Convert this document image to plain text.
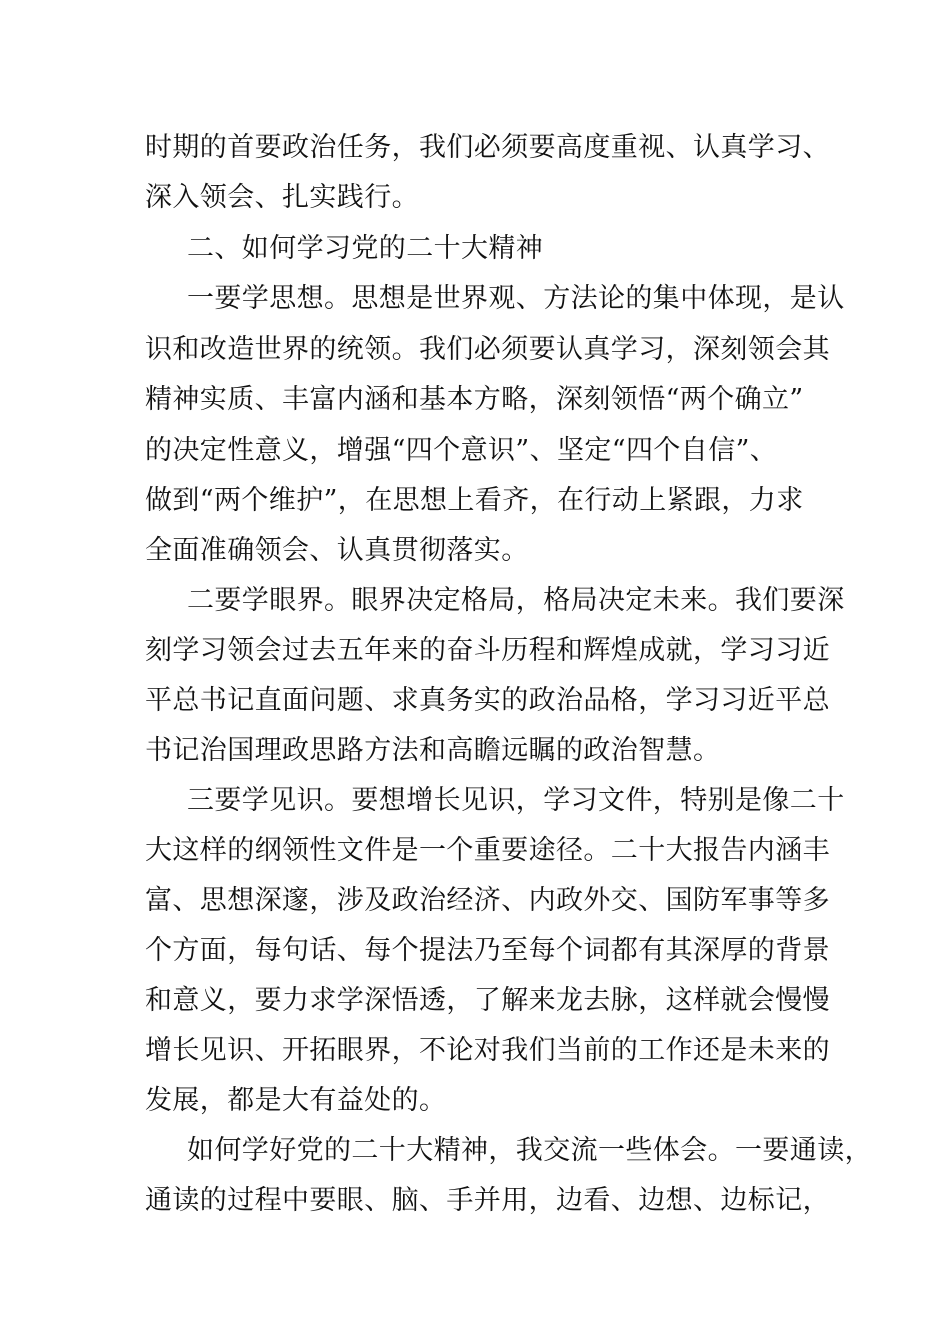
时期的首要政治任务，我们必须要高度重视、认真学习、
深入领会、扎实践行。
二、如何学习党的二十大精神
一要学思想。思想是世界观、方法论的集中体现，是认
识和改造世界的统领。我们必须要认真学习，深刻领会其
精神实质、丰富内涵和基本方略，深刻领悟“两个确立”
的决定性意义，增强“四个意识”、坚定“四个自信”、
做到“两个维护”，在思想上看齐，在行动上紧跟，力求
全面准确领会、认真贯彻落实。
二要学眼界。眼界决定格局，格局决定未来。我们要深
刻学习领会过去五年来的奋斗历程和辉煌成就，学习习近
平总书记直面问题、求真务实的政治品格，学习习近平总
书记治国理政思路方法和高瞻远瞩的政治智慧。
三要学见识。要想增长见识，学习文件，特别是像二十
大这样的纲领性文件是一个重要途径。二十大报告内涵丰
富、思想深邃，涉及政治经济、内政外交、国防军事等多
个方面，每句话、每个提法乃至每个词都有其深厚的背景
和意义，要力求学深悟透，了解来龙去脉，这样就会慢慢
增长见识、开拓眼界，不论对我们当前的工作还是未来的
发展，都是大有益处的。
如何学好党的二十大精神，我交流一些体会。一要通读，
通读的过程中要眼、脑、手并用，边看、边想、边标记，
